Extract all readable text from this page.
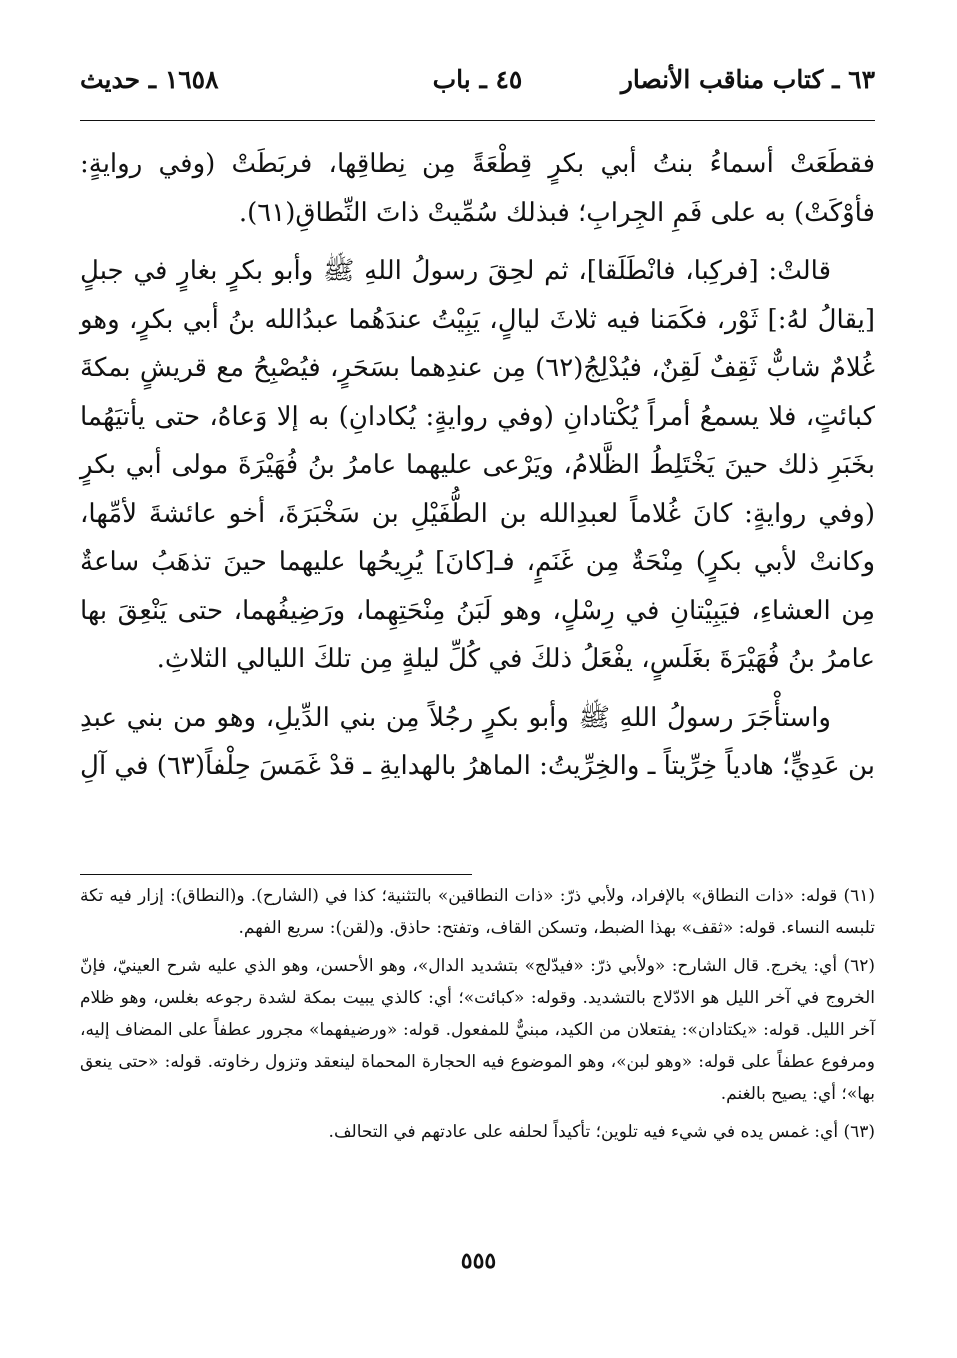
٦٣ ـ كتاب مناقب الأنصار
٤٥ ـ باب
١٦٥٨ ـ حديث

فقطَعَتْ أسماءُ بنتُ أبي بكرٍ قِطْعَةً مِن نِطاقِها، فربَطَتْ (وفي روايةٍ: فأوْكَتْ) به على فَمِ الجِرابِ؛ فبذلك سُمِّيتْ ذاتَ النِّطاقِ(٦١).

قالتْ: [فركِبا، فانْطَلَقا]، ثم لحِقَ رسولُ اللهِ ﷺ وأبو بكرٍ بغارٍ في جبلٍ [يقالُ لهُ:] ثَوْر، فكَمَنا فيه ثلاثَ ليالٍ، يَبِيْتُ عندَهُما عبدُالله بنُ أبي بكرٍ، وهو غُلامٌ شابٌّ ثَقِفٌ لَقِنٌ، فيُدْلِجُ(٦٢) مِن عندِهما بسَحَرٍ، فيُصْبِحُ مع قريشٍ بمكةَ كبائتٍ، فلا يسمعُ أمراً يُكْتادانِ (وفي روايةٍ: يُكادانِ) به إلا وَعاهُ، حتى يأتيَهُما بخَبَرِ ذلك حينَ يَخْتَلِطُ الظَّلامُ، ويَرْعى عليهما عامرُ بنُ فُهَيْرَةَ مولى أبي بكرٍ (وفي روايةٍ: كانَ غُلاماً لعبدِالله بن الطُّفَيْلِ بن سَخْبَرَةَ، أخو عائشةَ لأمِّها، وكانتْ لأبي بكرٍ) مِنْحَةٌ مِن غَنَمٍ، فـ[كانَ] يُرِيحُها عليهما حينَ تذهَبُ ساعةٌ مِن العشاءِ، فيَبِيْتانِ في رِسْلٍ، وهو لَبَنُ مِنْحَتِهِما، ورَضِيفُهما، حتى يَنْعِقَ بها عامرُ بنُ فُهَيْرَةَ بغَلَسٍ، يفْعَلُ ذلكَ في كُلِّ ليلةٍ مِن تلكَ الليالي الثلاثِ.

واستأْجَرَ رسولُ اللهِ ﷺ وأبو بكرٍ رجُلاً مِن بني الدِّيلِ، وهو من بني عبدِ بن عَدِيٍّ؛ هادياً خِرِّيتاً ـ والخِرِّيتُ: الماهرُ بالهدايةِ ـ قدْ غَمَسَ حِلْفاً(٦٣) في آلِ

(٦١) قوله: «ذات النطاق» بالإفراد، ولأبي ذرّ: «ذات النطاقين» بالتثنية؛ كذا في (الشارح). و(النطاق): إزار فيه تكة تلبسه النساء. قوله: «ثقف» بهذا الضبط، وتسكن القاف، وتفتح: حاذق. و(لقن): سريع الفهم.

(٦٢) أي: يخرج. قال الشارح: «ولأبي ذرّ: «فيدّلج» بتشديد الدال»، وهو الأحسن، وهو الذي عليه شرح العينيّ، فإنّ الخروج في آخر الليل هو الادّلاج بالتشديد. وقوله: «كبائت»؛ أي: كالذي يبيت بمكة لشدة رجوعه بغلس، وهو ظلام آخر الليل. قوله: «يكتادان»: يفتعلان من الكيد، مبنيٌّ للمفعول. قوله: «ورضيفهما» مجرور عطفاً على المضاف إليه، ومرفوع عطفاً على قوله: «وهو لبن»، وهو الموضوع فيه الحجارة المحماة لينعقد وتزول رخاوته. قوله: «حتى ينعق بها»؛ أي: يصيح بالغنم.

(٦٣) أي: غمس يده في شيء فيه تلوين؛ تأكيداً لحلفه على عادتهم في التحالف.

٥٥٥
